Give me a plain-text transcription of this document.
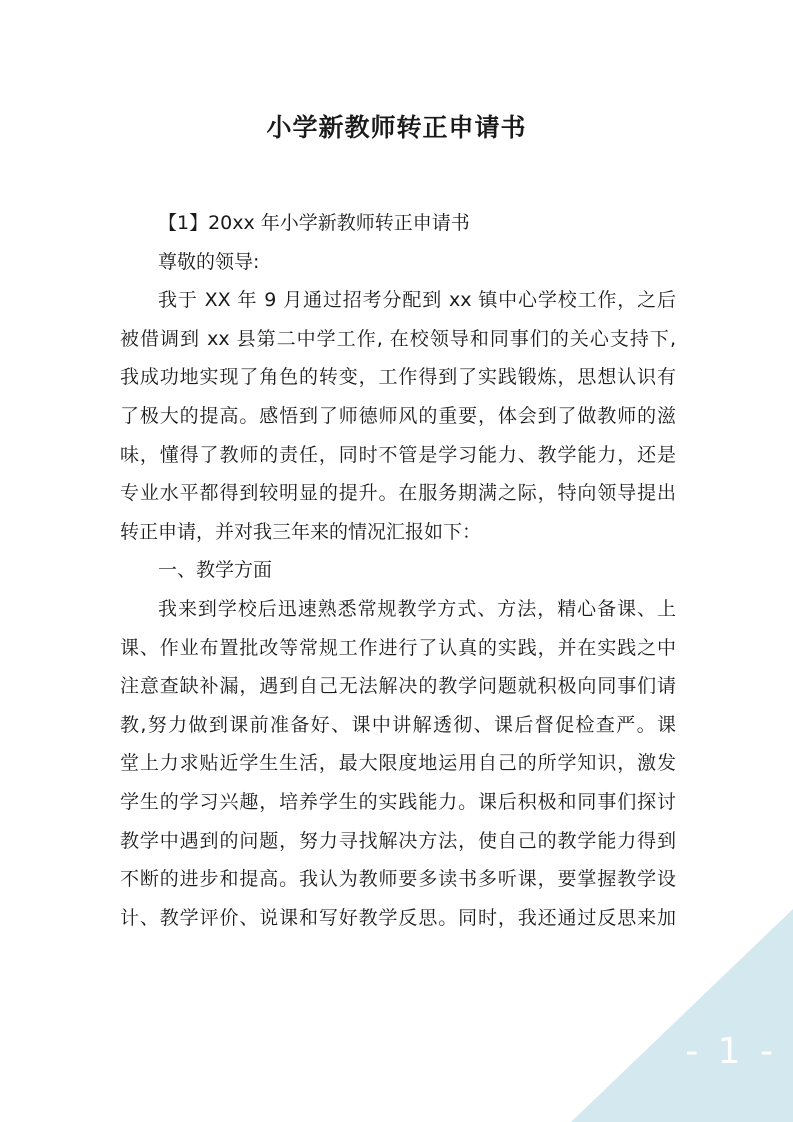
小学新教师转正申请书
【1】20xx 年小学新教师转正申请书
尊敬的领导:
我于 XX 年 9 月通过招考分配到 xx 镇中心学校工作，之后
被借调到 xx 县第二中学工作, 在校领导和同事们的关心支持下,
我成功地实现了角色的转变，工作得到了实践锻炼，思想认识有
了极大的提高。感悟到了师德师风的重要，体会到了做教师的滋
味，懂得了教师的责任，同时不管是学习能力、教学能力，还是
专业水平都得到较明显的提升。在服务期满之际，特向领导提出
转正申请，并对我三年来的情况汇报如下：
一、教学方面
我来到学校后迅速熟悉常规教学方式、方法，精心备课、上
课、作业布置批改等常规工作进行了认真的实践，并在实践之中
注意查缺补漏，遇到自己无法解决的教学问题就积极向同事们请
教,努力做到课前准备好、课中讲解透彻、课后督促检查严。课
堂上力求贴近学生生活，最大限度地运用自己的所学知识，激发
学生的学习兴趣，培养学生的实践能力。课后积极和同事们探讨
教学中遇到的问题，努力寻找解决方法，使自己的教学能力得到
不断的进步和提高。我认为教师要多读书多听课，要掌握教学设
计、教学评价、说课和写好教学反思。同时，我还通过反思来加
- 1 -
